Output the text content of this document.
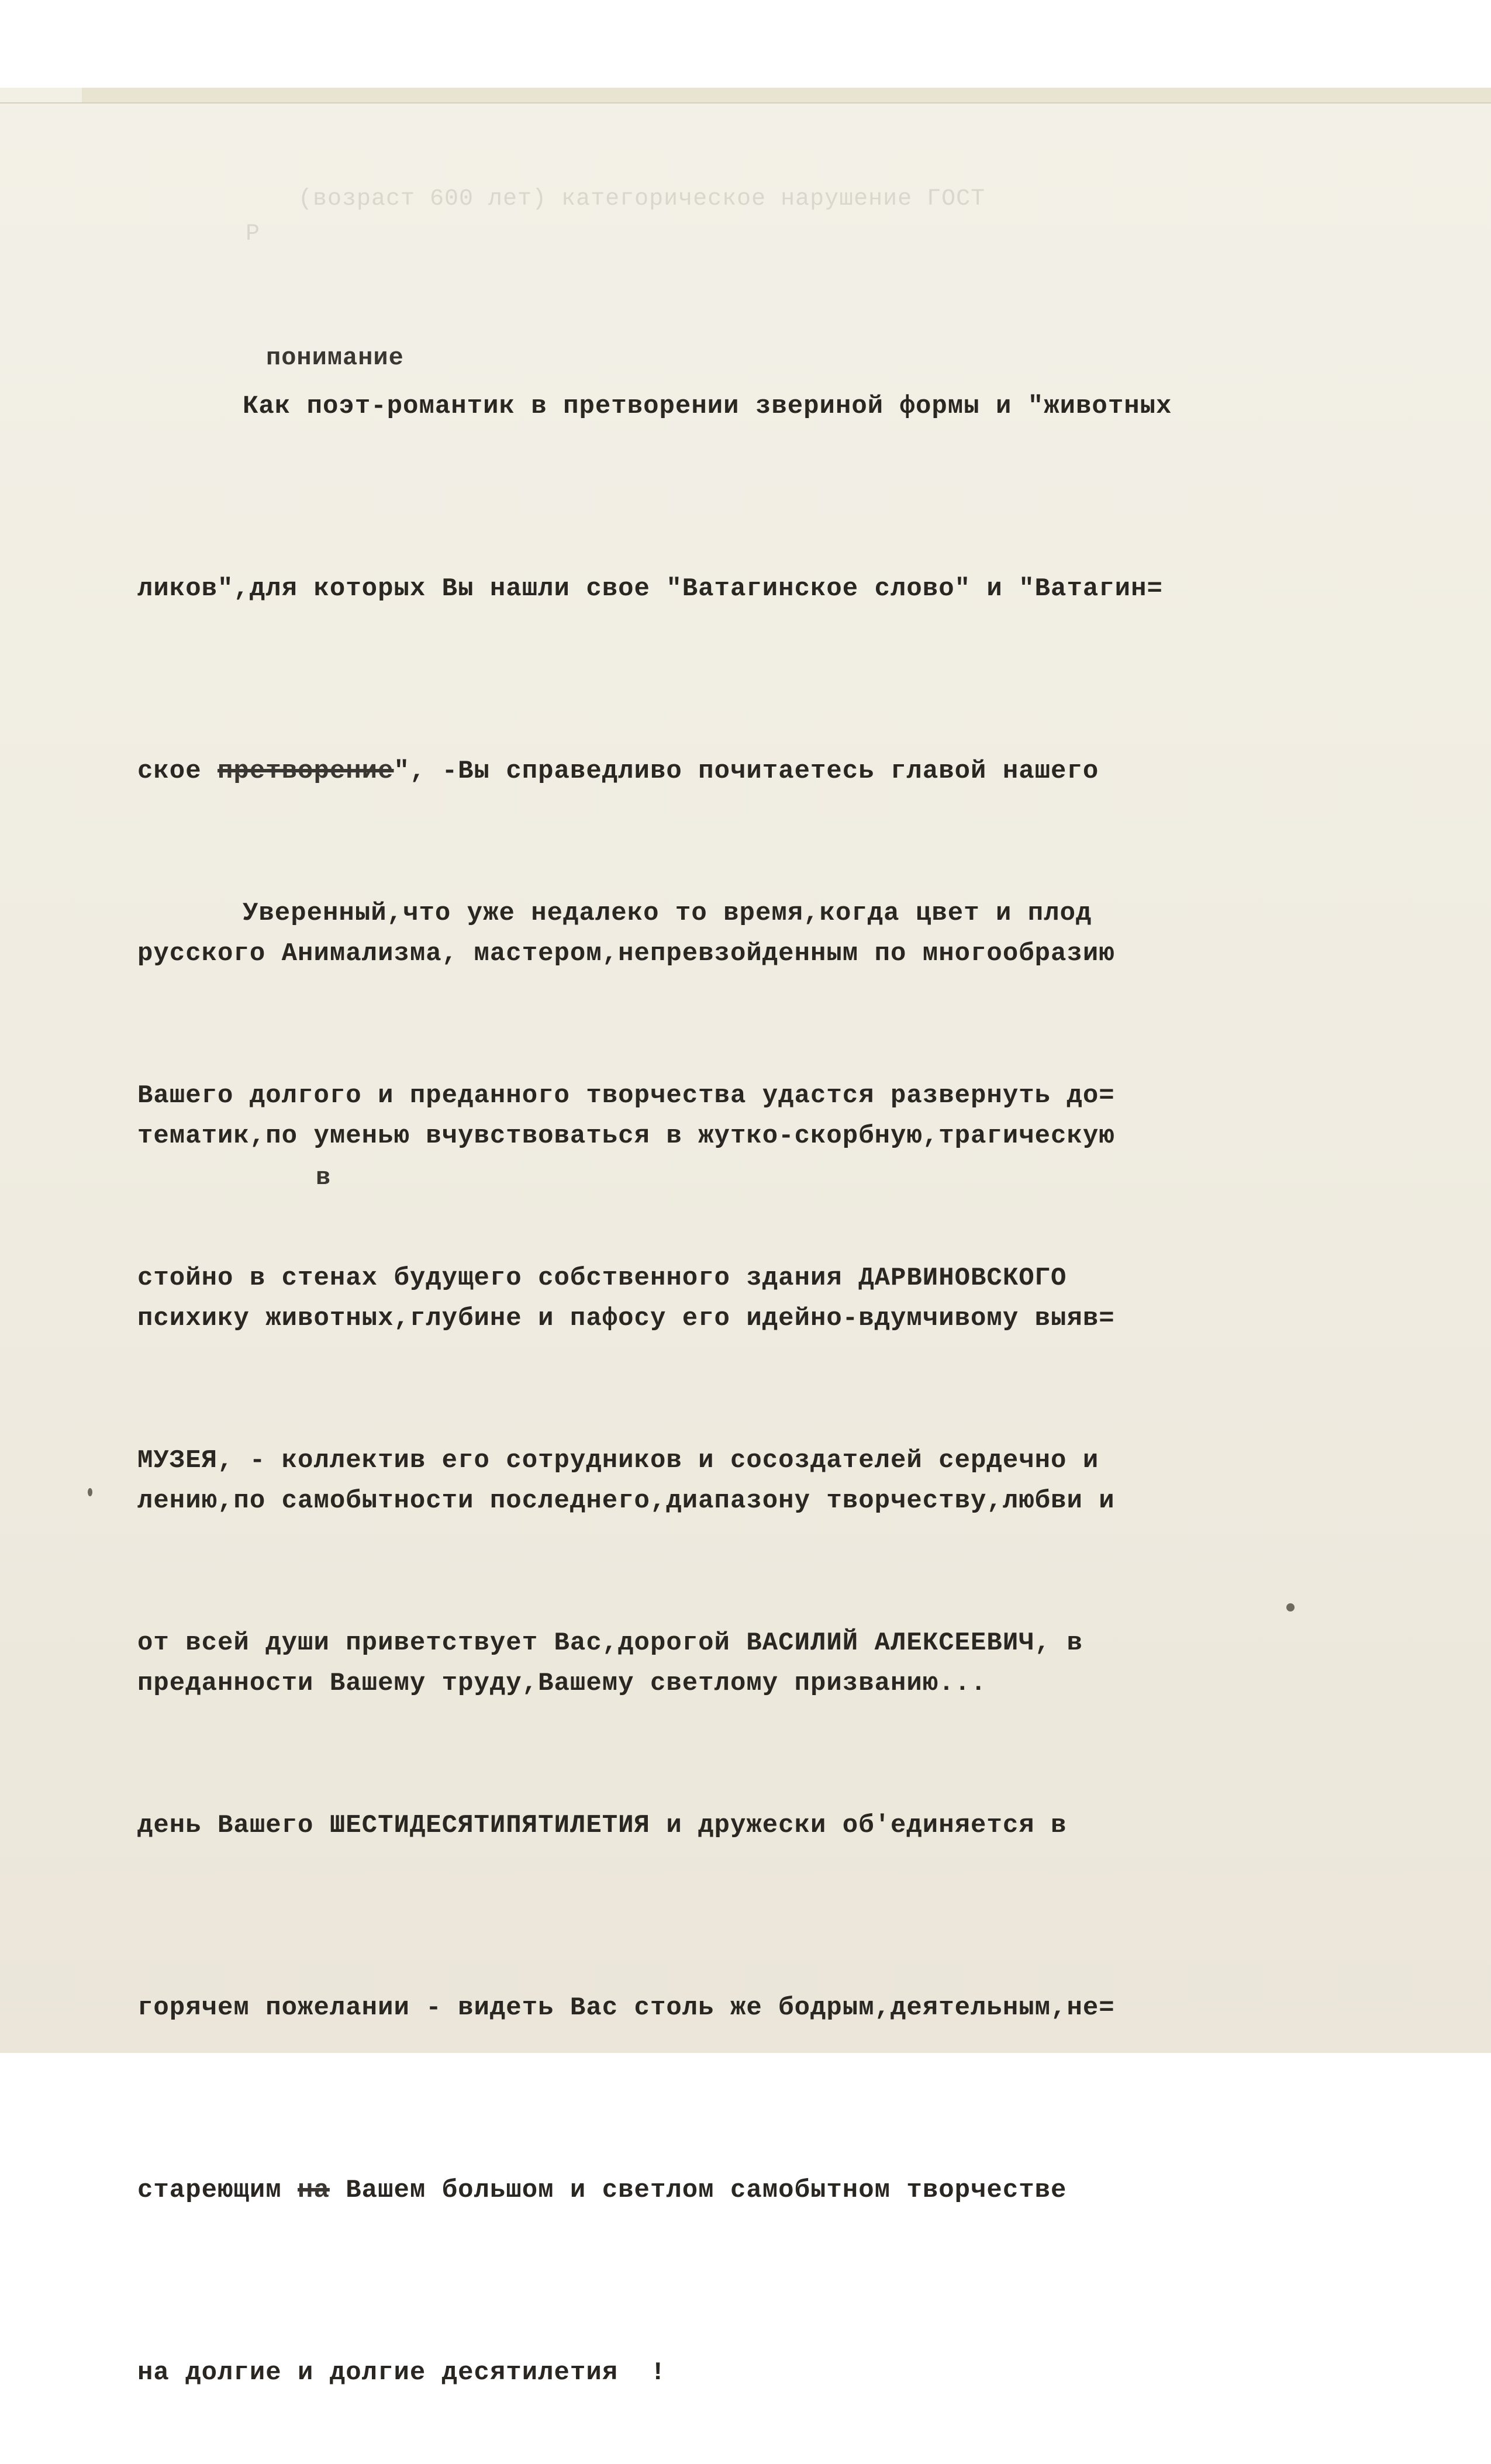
(возраст 600 лет) категорическое нарушение ГОСТ
Р

Как поэт-романтик в претворении звериной формы и "животных

ликов",для которых Вы нашли свое "Ватагинское слово" и "Ватагин=

ское претворение", -Вы справедливо почитаетесь главой нашего

русского Анимализма, мастером,непревзойденным по многообразию

тематик,по уменью вчувствоваться в жутко-скорбную,трагическую

психику животных,глубине и пафосу его идейно-вдумчивому выяв=

лению,по самобытности последнего,диапазону творчеству,любви и

преданности Вашему труду,Вашему светлому призванию...

понимание

Уверенный,что уже недалеко то время,когда цвет и плод

Вашего долгого и преданного творчества удастся развернуть до=

стойно в стенах будущего собственного здания ДАРВИНОВСКОГО

МУЗЕЯ, - коллектив его сотрудников и сосоздателей сердечно и

от всей души приветствует Вас,дорогой ВАСИЛИЙ АЛЕКСЕЕВИЧ, в

день Вашего ШЕСТИДЕСЯТИПЯТИЛЕТИЯ и дружески об'единяется в

горячем пожелании - видеть Вас столь же бодрым,деятельным,не=

стареющим на Вашем большом и светлом самобытном творчестве

на долгие и долгие десятилетия  !

в
